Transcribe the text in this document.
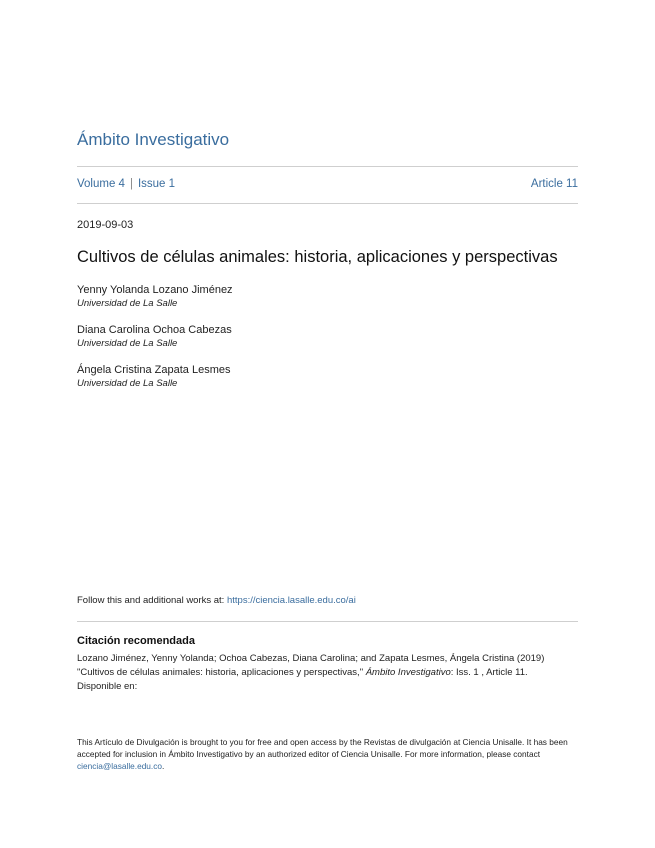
Ámbito Investigativo
Volume 4 | Issue 1	Article 11
2019-09-03
Cultivos de células animales: historia, aplicaciones y perspectivas
Yenny Yolanda Lozano Jiménez
Universidad de La Salle
Diana Carolina Ochoa Cabezas
Universidad de La Salle
Ángela Cristina Zapata Lesmes
Universidad de La Salle
Follow this and additional works at: https://ciencia.lasalle.edu.co/ai
Citación recomendada
Lozano Jiménez, Yenny Yolanda; Ochoa Cabezas, Diana Carolina; and Zapata Lesmes, Ángela Cristina (2019) "Cultivos de células animales: historia, aplicaciones y perspectivas," Ámbito Investigativo: Iss. 1 , Article 11.
Disponible en:
This Artículo de Divulgación is brought to you for free and open access by the Revistas de divulgación at Ciencia Unisalle. It has been accepted for inclusion in Ámbito Investigativo by an authorized editor of Ciencia Unisalle. For more information, please contact ciencia@lasalle.edu.co.
